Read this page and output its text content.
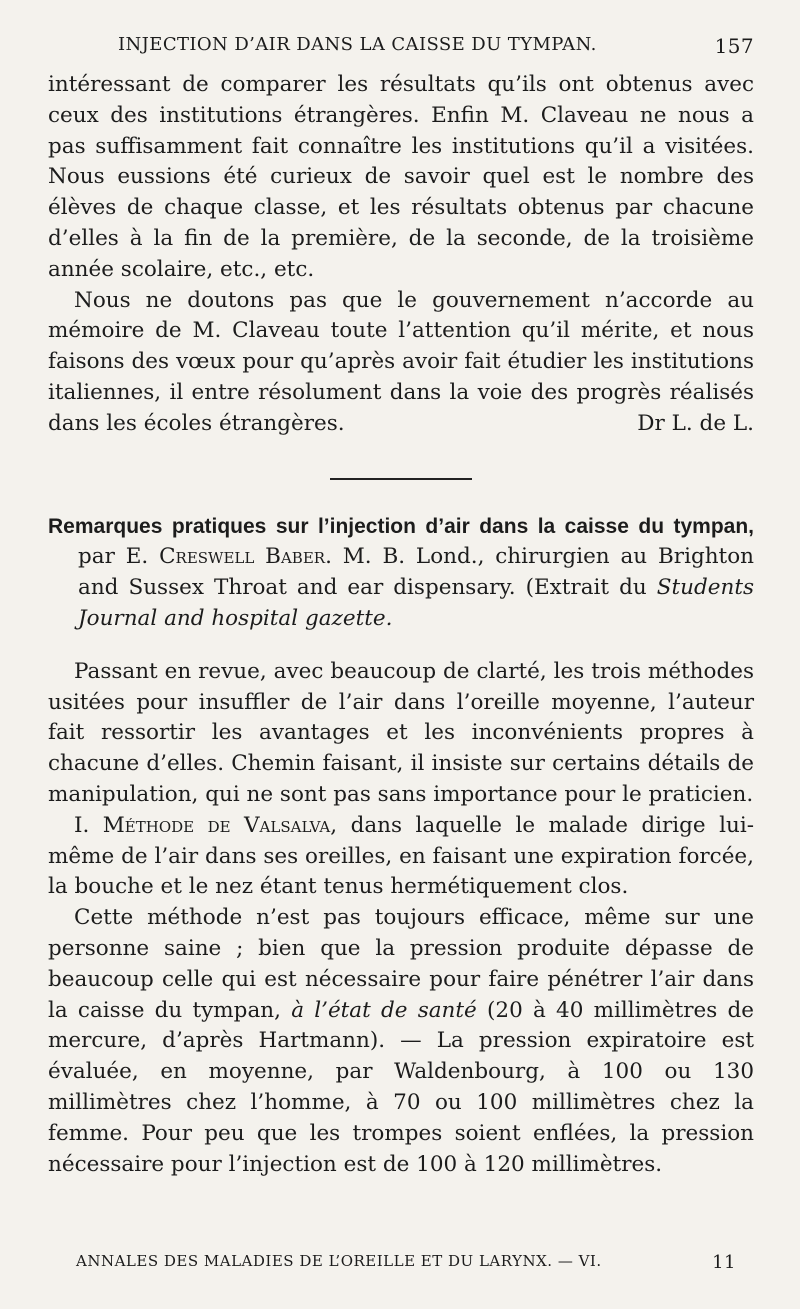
INJECTION D’AIR DANS LA CAISSE DU TYMPAN.	157

intéressant de comparer les résultats qu’ils ont obtenus avec ceux des institutions étrangères. Enfin M. Claveau ne nous a pas suffisamment fait connaître les institutions qu’il a visitées. Nous eussions été curieux de savoir quel est le nombre des élèves de chaque classe, et les résultats obtenus par chacune d’elles à la fin de la première, de la seconde, de la troisième année scolaire, etc., etc.

Nous ne doutons pas que le gouvernement n’accorde au mémoire de M. Claveau toute l’attention qu’il mérite, et nous faisons des vœux pour qu’après avoir fait étudier les institutions italiennes, il entre résolument dans la voie des progrès réalisés dans les écoles étrangères.	Dr L. de L.

Remarques pratiques sur l’injection d’air dans la caisse du tympan, par E. Creswell Baber. M. B. Lond., chirurgien au Brighton and Sussex Throat and ear dispensary. (Extrait du Students Journal and hospital gazette.

Passant en revue, avec beaucoup de clarté, les trois méthodes usitées pour insuffler de l’air dans l’oreille moyenne, l’auteur fait ressortir les avantages et les inconvénients propres à chacune d’elles. Chemin faisant, il insiste sur certains détails de manipulation, qui ne sont pas sans importance pour le praticien.

I. Méthode de Valsalva, dans laquelle le malade dirige lui-même de l’air dans ses oreilles, en faisant une expiration forcée, la bouche et le nez étant tenus hermétiquement clos.

Cette méthode n’est pas toujours efficace, même sur une personne saine ; bien que la pression produite dépasse de beaucoup celle qui est nécessaire pour faire pénétrer l’air dans la caisse du tympan, à l’état de santé (20 à 40 millimètres de mercure, d’après Hartmann). — La pression expiratoire est évaluée, en moyenne, par Waldenbourg, à 100 ou 130 millimètres chez l’homme, à 70 ou 100 millimètres chez la femme. Pour peu que les trompes soient enflées, la pression nécessaire pour l’injection est de 100 à 120 millimètres.

ANNALES DES MALADIES DE L’OREILLE ET DU LARYNX. — VI.	11
